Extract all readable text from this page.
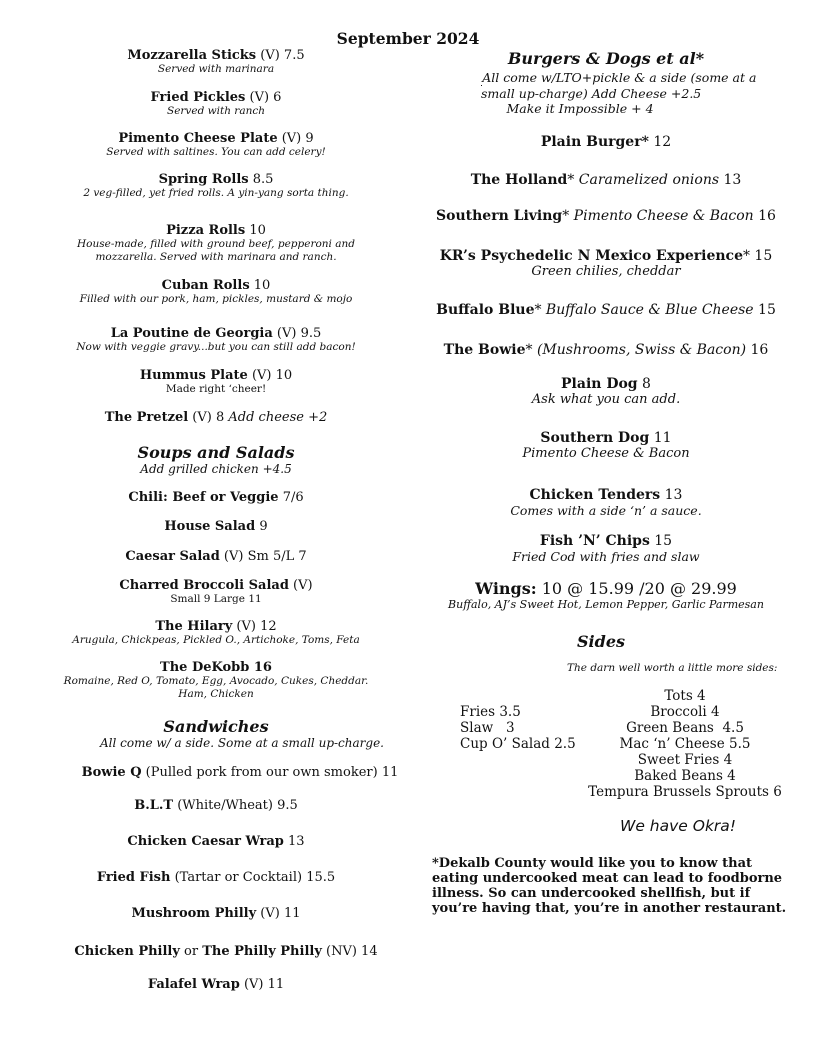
September 2024
Mozzarella Sticks (V) 7.5
Served with marinara
Fried Pickles (V) 6
Served with ranch
Pimento Cheese Plate (V) 9
Served with saltines. You can add celery!
Spring Rolls 8.5
2 veg-filled, yet fried rolls. A yin-yang sorta thing.
Pizza Rolls 10
House-made, filled with ground beef, pepperoni and
mozzarella. Served with marinara and ranch.
Cuban Rolls 10
Filled with our pork, ham, pickles, mustard & mojo
La Poutine de Georgia (V) 9.5
Now with veggie gravy...but you can still add bacon!
Hummus Plate (V) 10
Made right ‘cheer!
The Pretzel (V) 8 Add cheese +2
Soups and Salads
Add grilled chicken +4.5
Chili: Beef or Veggie 7/6
House Salad 9
Caesar Salad (V) Sm 5/L 7
Charred Broccoli Salad (V)
Small 9 Large 11
The Hilary (V) 12
Arugula, Chickpeas, Pickled O., Artichoke, Toms, Feta
The DeKobb 16
Romaine, Red O, Tomato, Egg, Avocado, Cukes, Cheddar.
Ham, Chicken
Sandwiches
All come w/ a side. Some at a small up-charge.
Bowie Q (Pulled pork from our own smoker) 11
B.L.T (White/Wheat) 9.5
Chicken Caesar Wrap 13
Fried Fish (Tartar or Cocktail) 15.5
Mushroom Philly (V) 11
Chicken Philly or The Philly Philly (NV) 14
Falafel Wrap (V) 11
Burgers & Dogs et al*
 All come w/LTO+pickle & a side (some at a
small up-charge) Add Cheese +2.5
Make it Impossible + 4
Plain Burger* 12
The Holland* Caramelized onions 13
Southern Living* Pimento Cheese & Bacon 16
KR’s Psychedelic N Mexico Experience* 15
Green chilies, cheddar
Buffalo Blue* Buffalo Sauce & Blue Cheese 15
The Bowie* (Mushrooms, Swiss & Bacon) 16
Plain Dog 8
Ask what you can add.
Southern Dog 11
Pimento Cheese & Bacon
Chicken Tenders 13
Comes with a side ‘n’ a sauce.
Fish ’N’ Chips 15
Fried Cod with fries and slaw
Wings: 10 @ 15.99 /20 @ 29.99
Buffalo, AJ’s Sweet Hot, Lemon Pepper, Garlic Parmesan
Sides
The darn well worth a little more sides:
Fries 3.5
Slaw   3
Cup O’ Salad 2.5
Tots 4
Broccoli 4
Green Beans  4.5
Mac ‘n’ Cheese 5.5
Sweet Fries 4
Baked Beans 4
Tempura Brussels Sprouts 6
We have Okra!
*Dekalb County would like you to know that
eating undercooked meat can lead to foodborne
illness. So can undercooked shellfish, but if
you’re having that, you’re in another restaurant.
